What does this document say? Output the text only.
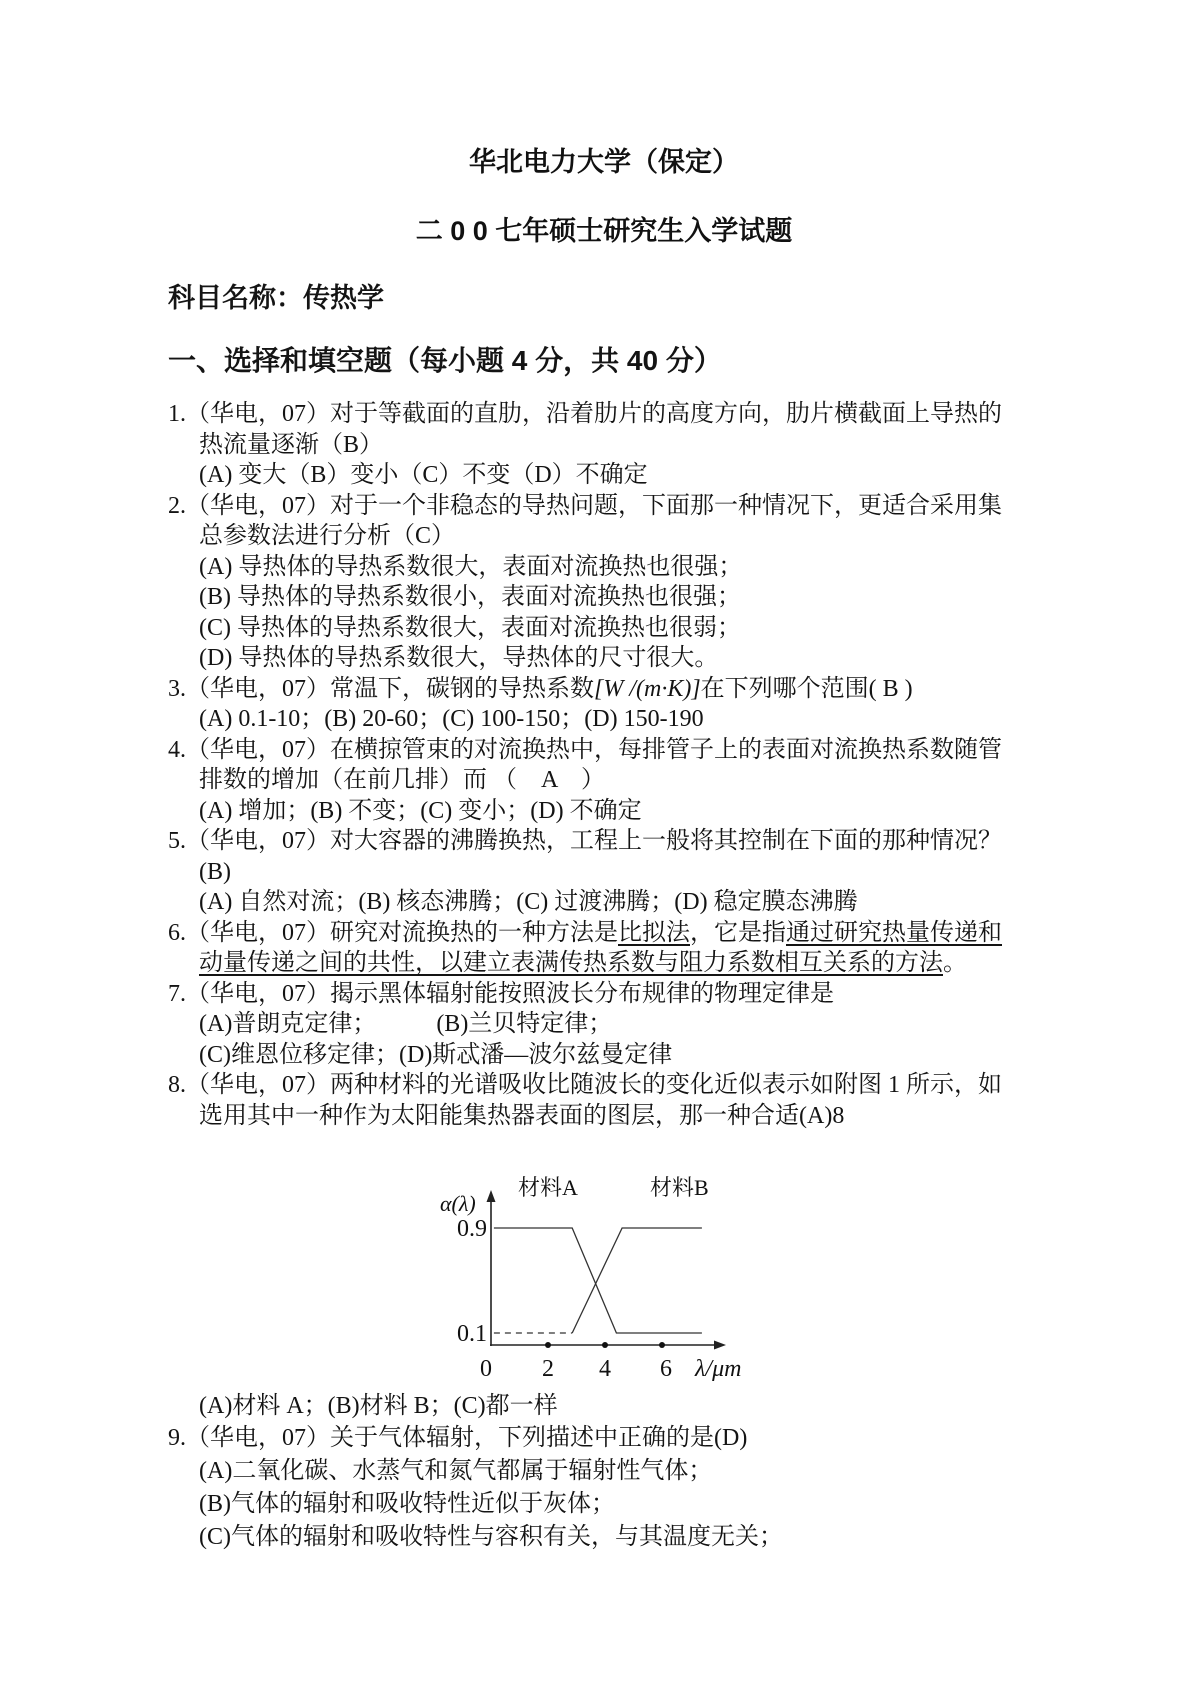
华北电力大学（保定）
二 0 0 七年硕士研究生入学试题
科目名称：传热学
一、选择和填空题（每小题 4 分，共 40 分）
1.（华电，07）对于等截面的直肋，沿着肋片的高度方向，肋片横截面上导热的
热流量逐渐（B）
(A) 变大（B）变小（C）不变（D）不确定
2.（华电，07）对于一个非稳态的导热问题，下面那一种情况下，更适合采用集
总参数法进行分析（C）
(A) 导热体的导热系数很大，表面对流换热也很强；
(B) 导热体的导热系数很小，表面对流换热也很强；
(C) 导热体的导热系数很大，表面对流换热也很弱；
(D) 导热体的导热系数很大，导热体的尺寸很大。
3.（华电，07）常温下，碳钢的导热系数[W /(m·K)]在下列哪个范围( B )
(A) 0.1-10；(B) 20-60；(C) 100-150；(D) 150-190
4.（华电，07）在横掠管束的对流换热中，每排管子上的表面对流换热系数随管
排数的增加（在前几排）而 （　A　）
(A) 增加；(B) 不变；(C) 变小；(D) 不确定
5.（华电，07）对大容器的沸腾换热，工程上一般将其控制在下面的那种情况？
(B)
(A) 自然对流；(B) 核态沸腾；(C) 过渡沸腾；(D) 稳定膜态沸腾
6.（华电，07）研究对流换热的一种方法是比拟法，它是指通过研究热量传递和
动量传递之间的共性，以建立表满传热系数与阻力系数相互关系的方法。
7.（华电，07）揭示黑体辐射能按照波长分布规律的物理定律是
(A)普朗克定律；　　　(B)兰贝特定律；
(C)维恩位移定律；(D)斯忒潘—波尔兹曼定律
8.（华电，07）两种材料的光谱吸收比随波长的变化近似表示如附图 1 所示，如
选用其中一种作为太阳能集热器表面的图层，那一种合适(A)8
α(λ)
材料A	材料B
0.9
0.1
0 2 4 6 λ/μm
(A)材料 A；(B)材料 B；(C)都一样
9.（华电，07）关于气体辐射，下列描述中正确的是(D)
(A)二氧化碳、水蒸气和氮气都属于辐射性气体；
(B)气体的辐射和吸收特性近似于灰体；
(C)气体的辐射和吸收特性与容积有关，与其温度无关；
